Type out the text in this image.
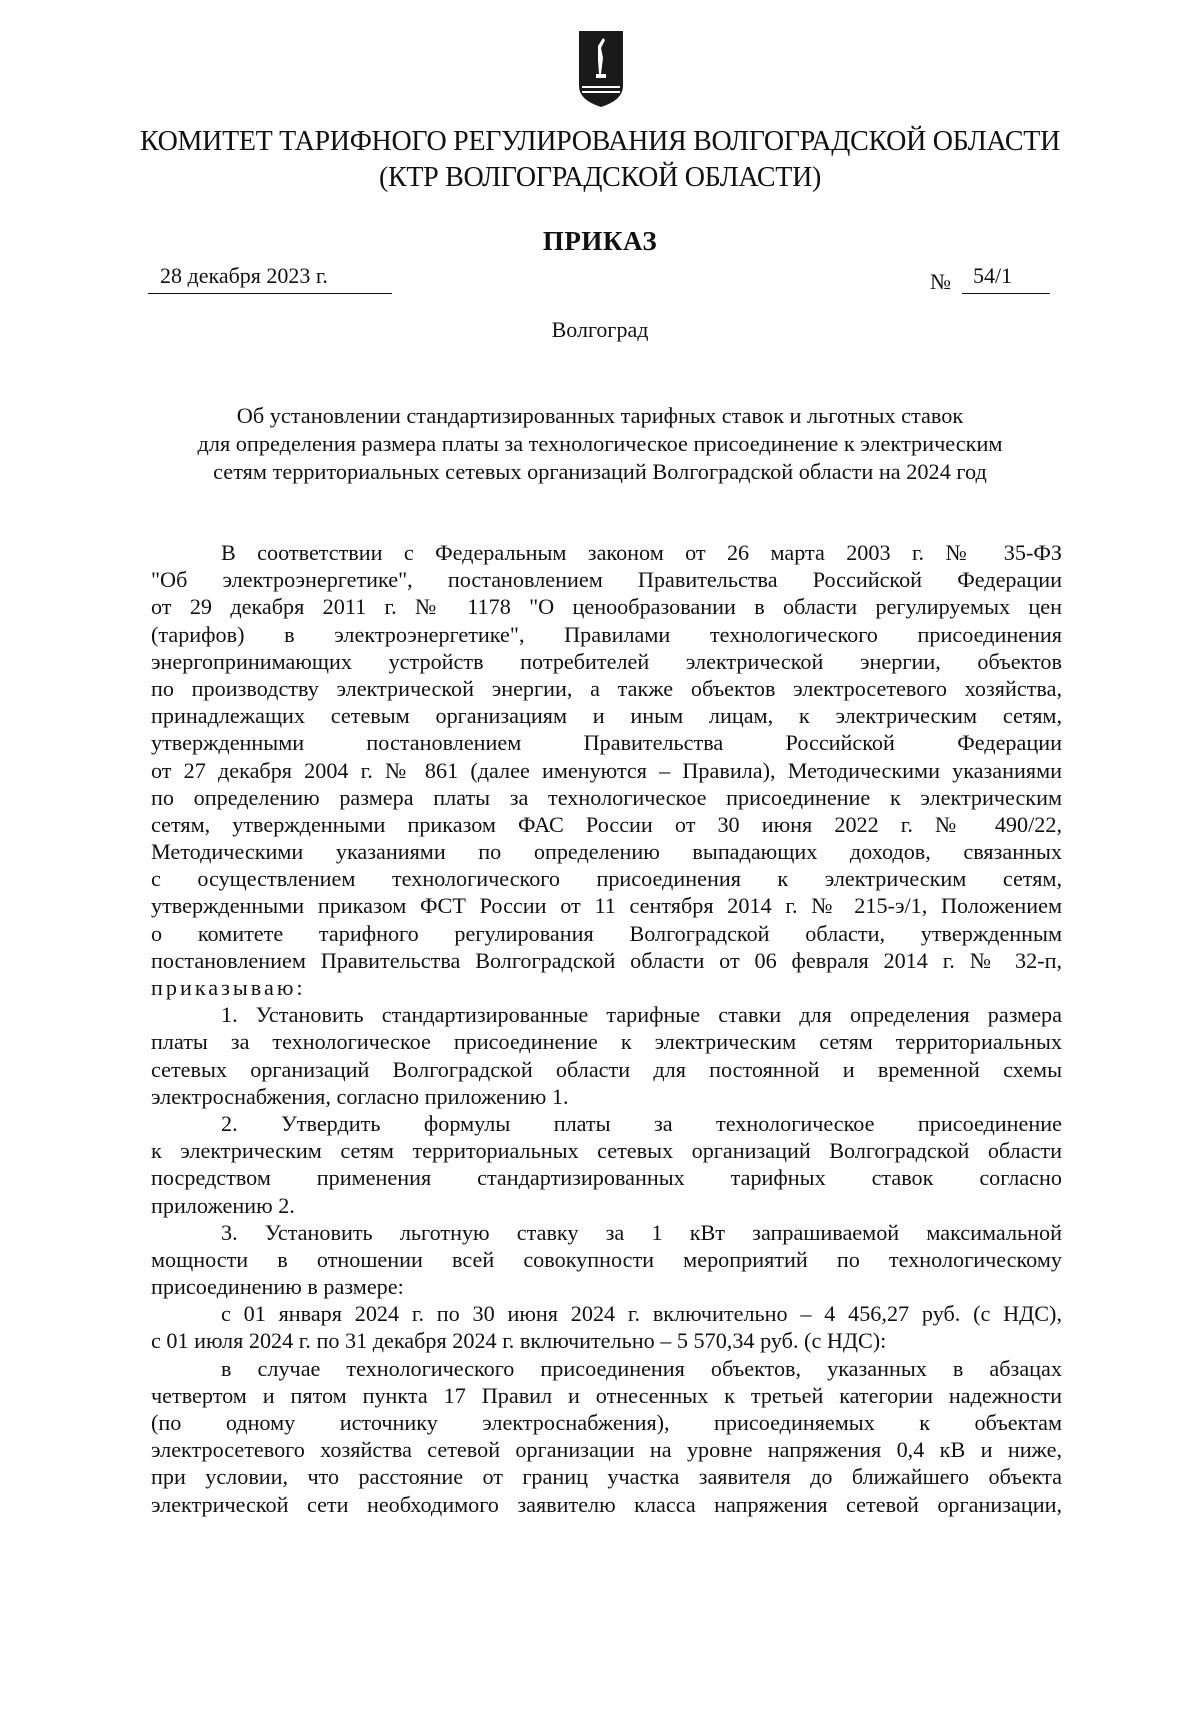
КОМИТЕТ ТАРИФНОГО РЕГУЛИРОВАНИЯ ВОЛГОГРАДСКОЙ ОБЛАСТИ
(КТР ВОЛГОГРАДСКОЙ ОБЛАСТИ)
ПРИКАЗ
28 декабря 2023 г.	№ 54/1
Волгоград
Об установлении стандартизированных тарифных ставок и льготных ставок
для определения размера платы за технологическое присоединение к электрическим
сетям территориальных сетевых организаций Волгоградской области на 2024 год
В соответствии с Федеральным законом от 26 марта 2003 г. № 35-ФЗ
"Об электроэнергетике", постановлением Правительства Российской Федерации
от 29 декабря 2011 г. № 1178 "О ценообразовании в области регулируемых цен
(тарифов) в электроэнергетике", Правилами технологического присоединения
энергопринимающих устройств потребителей электрической энергии, объектов
по производству электрической энергии, а также объектов электросетевого хозяйства,
принадлежащих сетевым организациям и иным лицам, к электрическим сетям,
утвержденными постановлением Правительства Российской Федерации
от 27 декабря 2004 г. № 861 (далее именуются – Правила), Методическими указаниями
по определению размера платы за технологическое присоединение к электрическим
сетям, утвержденными приказом ФАС России от 30 июня 2022 г. № 490/22,
Методическими указаниями по определению выпадающих доходов, связанных
с осуществлением технологического присоединения к электрическим сетям,
утвержденными приказом ФСТ России от 11 сентября 2014 г. № 215-э/1, Положением
о комитете тарифного регулирования Волгоградской области, утвержденным
постановлением Правительства Волгоградской области от 06 февраля 2014 г. № 32-п,
приказываю:
1. Установить стандартизированные тарифные ставки для определения размера
платы за технологическое присоединение к электрическим сетям территориальных
сетевых организаций Волгоградской области для постоянной и временной схемы
электроснабжения, согласно приложению 1.
2. Утвердить формулы платы за технологическое присоединение
к электрическим сетям территориальных сетевых организаций Волгоградской области
посредством применения стандартизированных тарифных ставок согласно
приложению 2.
3. Установить льготную ставку за 1 кВт запрашиваемой максимальной
мощности в отношении всей совокупности мероприятий по технологическому
присоединению в размере:
с 01 января 2024 г. по 30 июня 2024 г. включительно – 4 456,27 руб. (с НДС),
с 01 июля 2024 г. по 31 декабря 2024 г. включительно – 5 570,34 руб. (с НДС):
в случае технологического присоединения объектов, указанных в абзацах
четвертом и пятом пункта 17 Правил и отнесенных к третьей категории надежности
(по одному источнику электроснабжения), присоединяемых к объектам
электросетевого хозяйства сетевой организации на уровне напряжения 0,4 кВ и ниже,
при условии, что расстояние от границ участка заявителя до ближайшего объекта
электрической сети необходимого заявителю класса напряжения сетевой организации,
